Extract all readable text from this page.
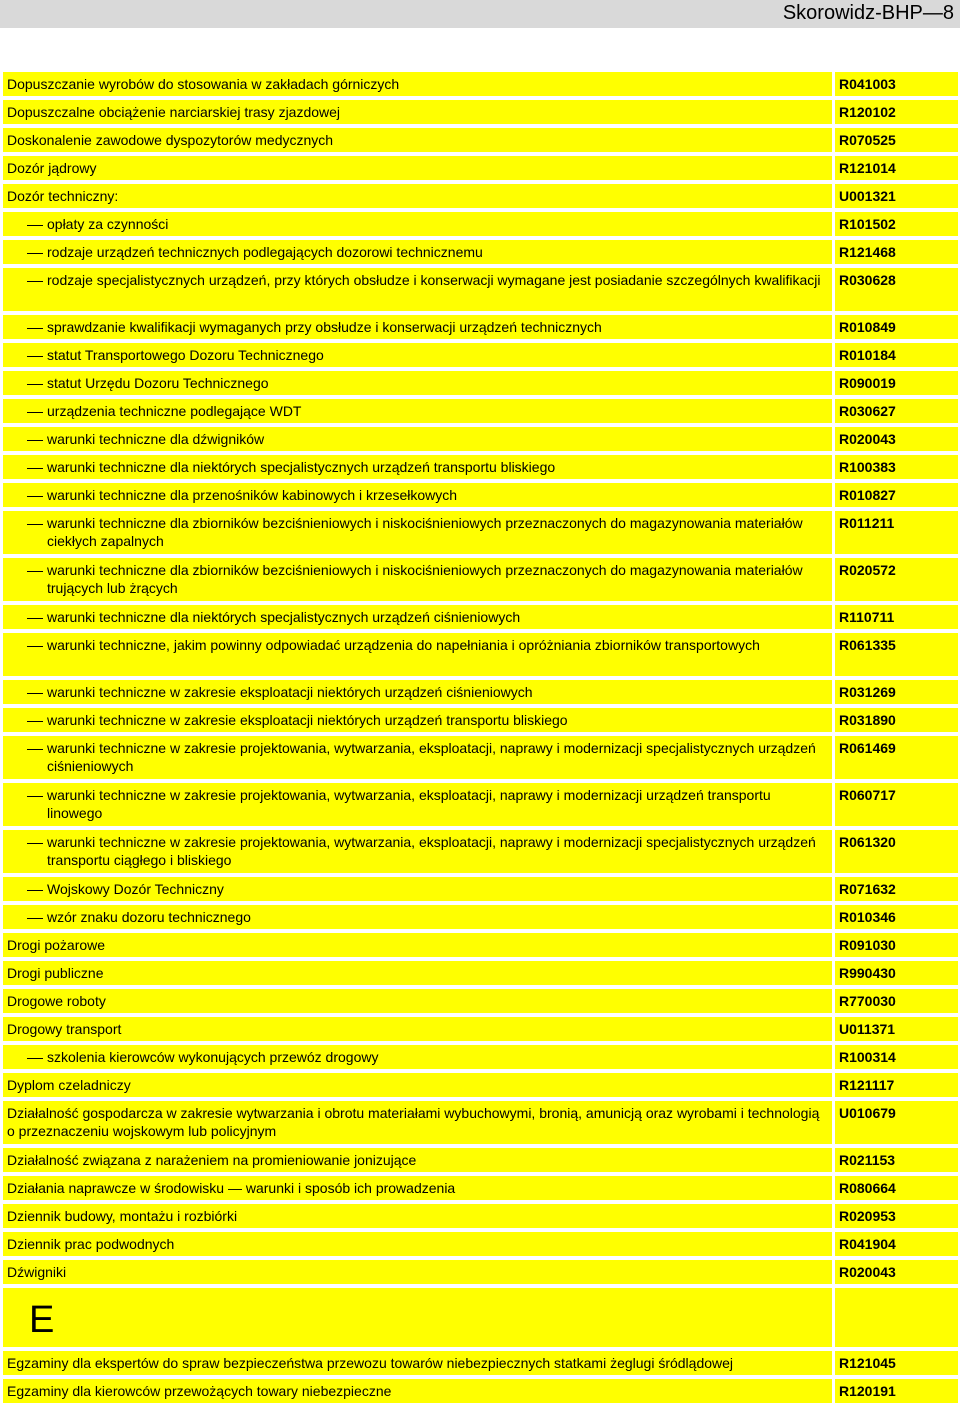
Skorowidz-BHP—8
Dopuszczanie wyrobów do stosowania w zakładach górniczych	R041003
Dopuszczalne obciążenie narciarskiej trasy zjazdowej	R120102
Doskonalenie zawodowe dyspozytorów medycznych	R070525
Dozór jądrowy	R121014
Dozór techniczny:	U001321
opłaty za czynności	R101502
rodzaje urządzeń technicznych podlegających dozorowi technicznemu	R121468
rodzaje specjalistycznych urządzeń, przy których obsłudze i konserwacji wymagane jest posiadanie szczególnych kwalifikacji	R030628
sprawdzanie kwalifikacji wymaganych przy obsłudze i konserwacji urządzeń technicznych	R010849
statut Transportowego Dozoru Technicznego	R010184
statut Urzędu Dozoru Technicznego	R090019
urządzenia techniczne podlegające WDT	R030627
warunki techniczne dla dźwigników	R020043
warunki techniczne dla niektórych specjalistycznych urządzeń transportu bliskiego	R100383
warunki techniczne dla przenośników kabinowych i krzesełkowych	R010827
warunki techniczne dla zbiorników bezciśnieniowych i niskociśnieniowych przeznaczonych do magazynowania materiałów ciekłych zapalnych
R011211
warunki techniczne dla zbiorników bezciśnieniowych i niskociśnieniowych przeznaczonych do magazynowania materiałów trujących lub żrących
R020572
warunki techniczne dla niektórych specjalistycznych urządzeń ciśnieniowych	R110711
warunki techniczne, jakim powinny odpowiadać urządzenia do napełniania i opróżniania zbiorników transportowych	R061335
warunki techniczne w zakresie eksploatacji niektórych urządzeń ciśnieniowych	R031269
warunki techniczne w zakresie eksploatacji niektórych urządzeń transportu bliskiego	R031890
warunki techniczne w zakresie projektowania, wytwarzania, eksploatacji, naprawy i modernizacji specjalistycznych urządzeń ciśnieniowych
R061469
warunki techniczne w zakresie projektowania, wytwarzania, eksploatacji, naprawy i modernizacji urządzeń transportu linowego
R060717
warunki techniczne w zakresie projektowania, wytwarzania, eksploatacji, naprawy i modernizacji specjalistycznych urządzeń transportu ciągłego i bliskiego
R061320
Wojskowy Dozór Techniczny	R071632
wzór znaku dozoru technicznego	R010346
Drogi pożarowe	R091030
Drogi publiczne	R990430
Drogowe roboty	R770030
Drogowy transport	U011371
szkolenia kierowców wykonujących przewóz drogowy	R100314
Dyplom czeladniczy	R121117
Działalność gospodarcza w zakresie wytwarzania i obrotu materiałami wybuchowymi, bronią, amunicją oraz wyrobami i technologią o przeznaczeniu wojskowym lub policyjnym
U010679
Działalność związana z narażeniem na promieniowanie jonizujące	R021153
Działania naprawcze w środowisku — warunki i sposób ich prowadzenia	R080664
Dziennik budowy, montażu i rozbiórki	R020953
Dziennik prac podwodnych	R041904
Dźwigniki	R020043
E
Egzaminy dla ekspertów do spraw bezpieczeństwa przewozu towarów niebezpiecznych statkami żeglugi śródlądowej	R121045
Egzaminy dla kierowców przewożących towary niebezpieczne	R120191
